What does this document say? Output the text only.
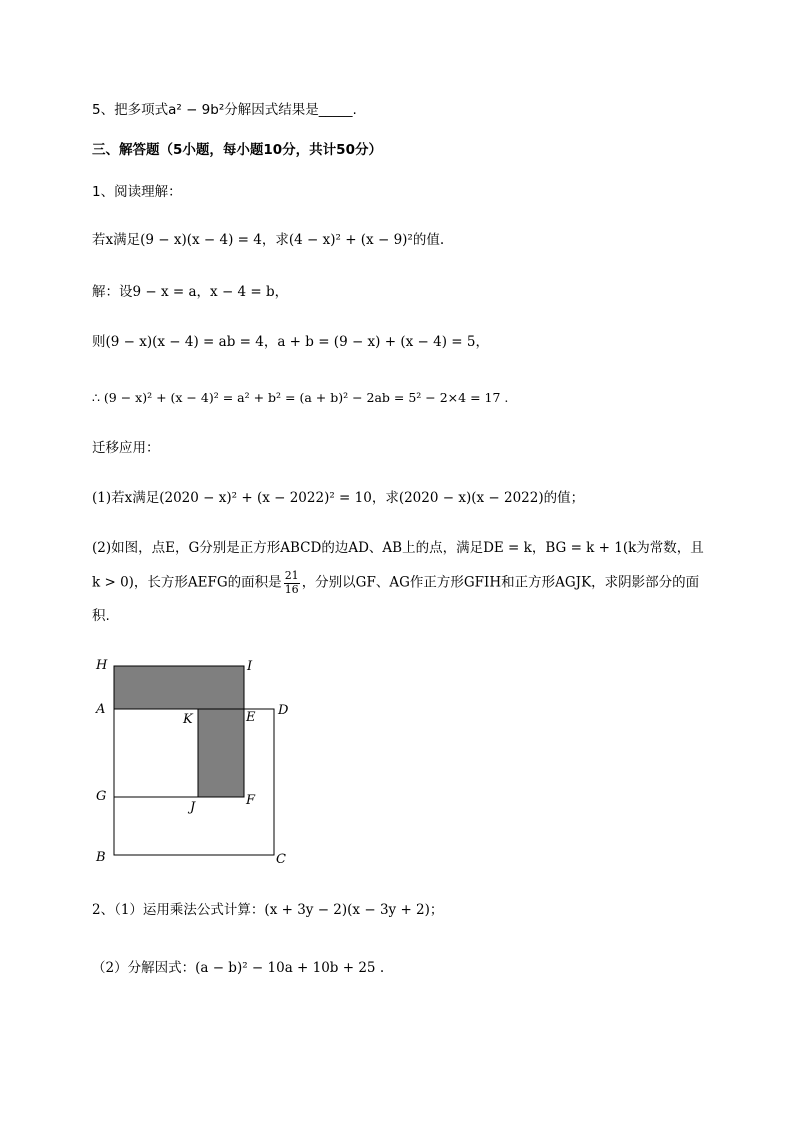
5、把多项式a² − 9b²分解因式结果是_____.
三、解答题（5小题，每小题10分，共计50分）
1、阅读理解：
若x满足(9 − x)(x − 4) = 4，求(4 − x)² + (x − 9)²的值.
解：设9 − x = a，x − 4 = b，
则(9 − x)(x − 4) = ab = 4，a + b = (9 − x) + (x − 4) = 5，
∴ (9 − x)² + (x − 4)² = a² + b² = (a + b)² − 2ab = 5² − 2×4 = 17 .
迁移应用：
(1)若x满足(2020 − x)² + (x − 2022)² = 10，求(2020 − x)(x − 2022)的值；
(2)如图，点E，G分别是正方形ABCD的边AD、AB上的点，满足DE = k，BG = k + 1(k为常数，且
k > 0)，长方形AEFG的面积是 $\frac{21}{16}$ ，分别以GF、AG作正方形GFIH和正方形AGJK，求阴影部分的面
积.
H	I
A
K	E D
G
J	F
B	C
2、（1）运用乘法公式计算：(x + 3y − 2)(x − 3y + 2)；
（2）分解因式：(a − b)² − 10a + 10b + 25 .
